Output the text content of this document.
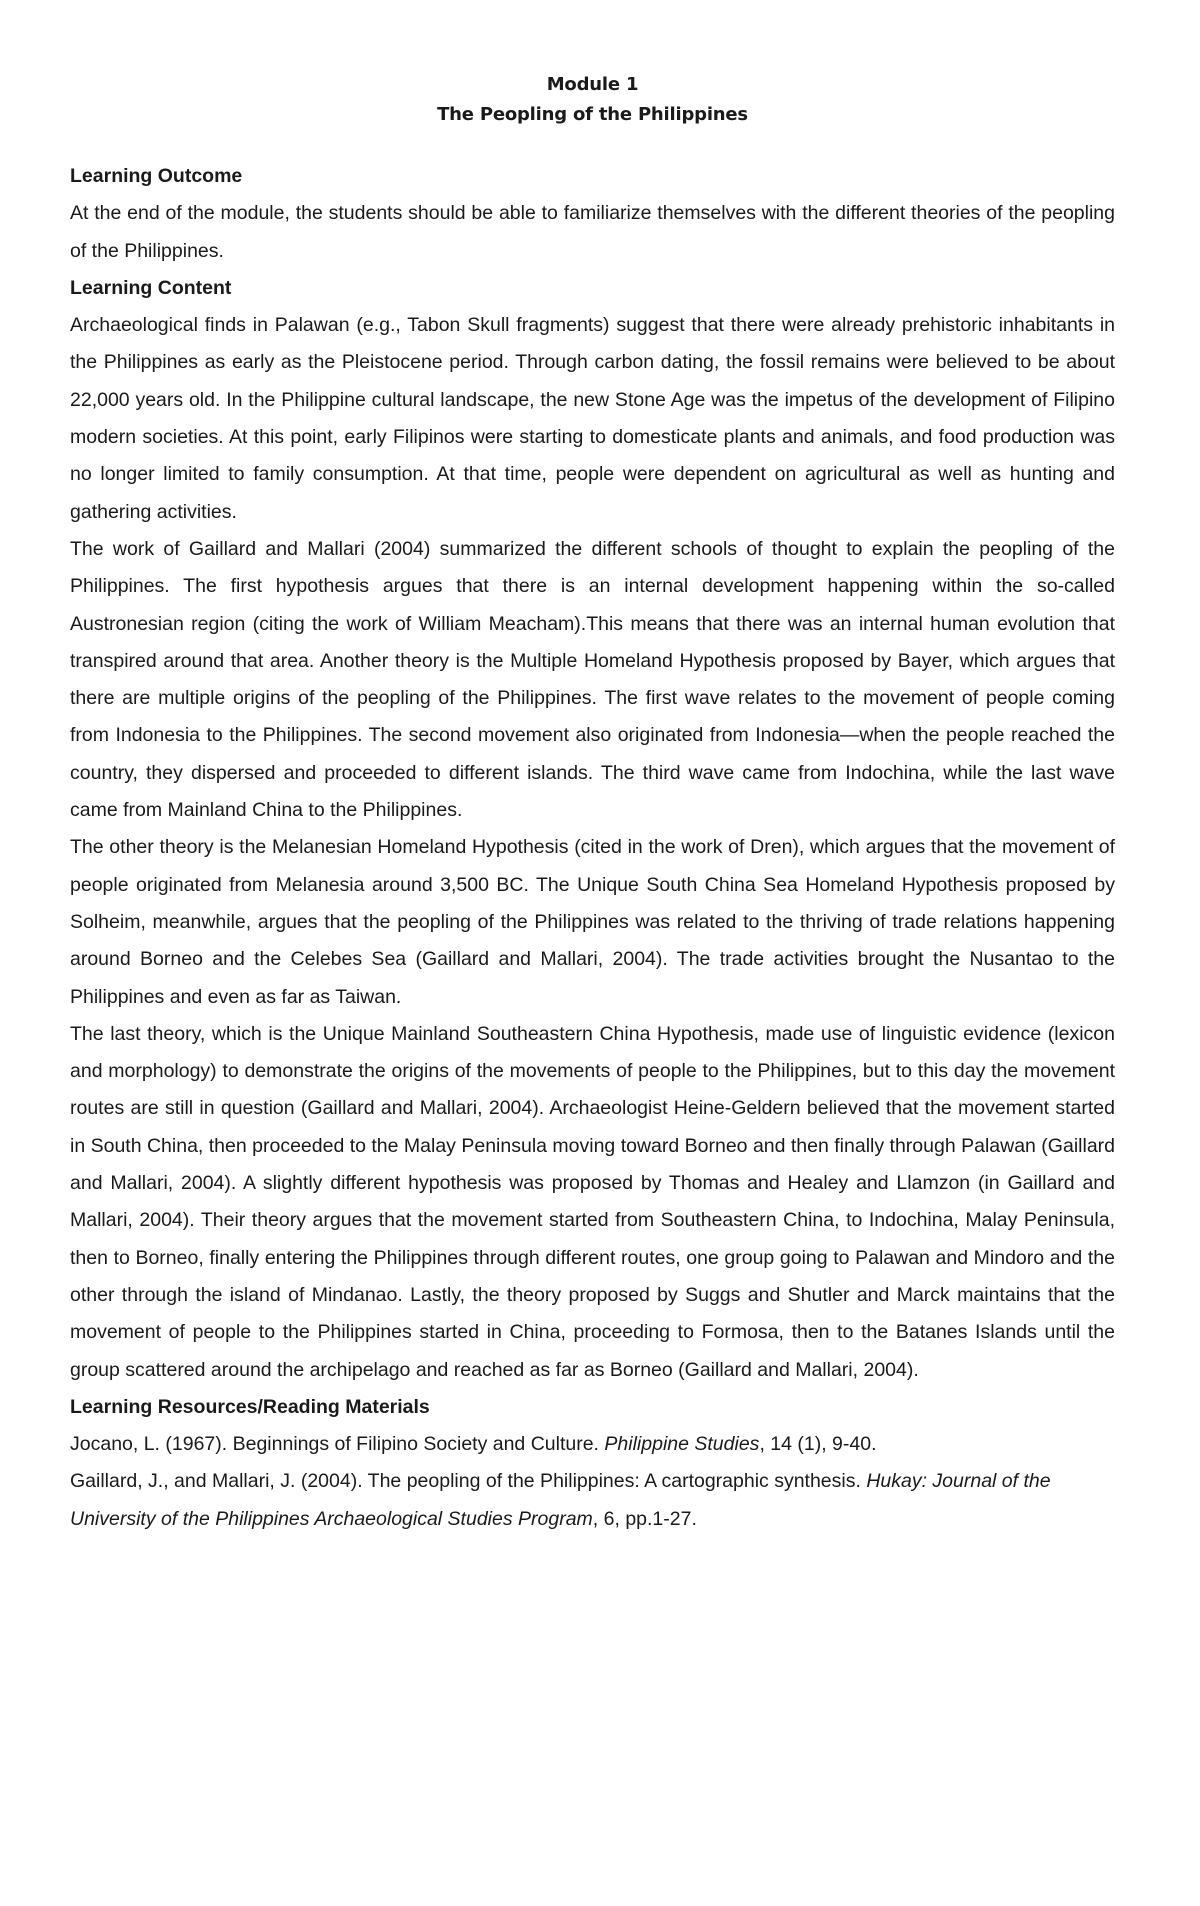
Module 1
The Peopling of the Philippines
Learning Outcome

At the end of the module, the students should be able to familiarize themselves with the different theories of the peopling of the Philippines.

Learning Content

Archaeological finds in Palawan (e.g., Tabon Skull fragments) suggest that there were already prehistoric inhabitants in the Philippines as early as the Pleistocene period. Through carbon dating, the fossil remains were believed to be about 22,000 years old. In the Philippine cultural landscape, the new Stone Age was the impetus of the development of Filipino modern societies. At this point, early Filipinos were starting to domesticate plants and animals, and food production was no longer limited to family consumption. At that time, people were dependent on agricultural as well as hunting and gathering activities.

The work of Gaillard and Mallari (2004) summarized the different schools of thought to explain the peopling of the Philippines. The first hypothesis argues that there is an internal development happening within the so-called Austronesian region (citing the work of William Meacham).This means that there was an internal human evolution that transpired around that area. Another theory is the Multiple Homeland Hypothesis proposed by Bayer, which argues that there are multiple origins of the peopling of the Philippines. The first wave relates to the movement of people coming from Indonesia to the Philippines. The second movement also originated from Indonesia—when the people reached the country, they dispersed and proceeded to different islands. The third wave came from Indochina, while the last wave came from Mainland China to the Philippines.

The other theory is the Melanesian Homeland Hypothesis (cited in the work of Dren), which argues that the movement of people originated from Melanesia around 3,500 BC. The Unique South China Sea Homeland Hypothesis proposed by Solheim, meanwhile, argues that the peopling of the Philippines was related to the thriving of trade relations happening around Borneo and the Celebes Sea (Gaillard and Mallari, 2004). The trade activities brought the Nusantao to the Philippines and even as far as Taiwan.

The last theory, which is the Unique Mainland Southeastern China Hypothesis, made use of linguistic evidence (lexicon and morphology) to demonstrate the origins of the movements of people to the Philippines, but to this day the movement routes are still in question (Gaillard and Mallari, 2004). Archaeologist Heine-Geldern believed that the movement started in South China, then proceeded to the Malay Peninsula moving toward Borneo and then finally through Palawan (Gaillard and Mallari, 2004). A slightly different hypothesis was proposed by Thomas and Healey and Llamzon (in Gaillard and Mallari, 2004). Their theory argues that the movement started from Southeastern China, to Indochina, Malay Peninsula, then to Borneo, finally entering the Philippines through different routes, one group going to Palawan and Mindoro and the other through the island of Mindanao. Lastly, the theory proposed by Suggs and Shutler and Marck maintains that the movement of people to the Philippines started in China, proceeding to Formosa, then to the Batanes Islands until the group scattered around the archipelago and reached as far as Borneo (Gaillard and Mallari, 2004).

Learning Resources/Reading Materials

Jocano, L. (1967). Beginnings of Filipino Society and Culture. Philippine Studies, 14 (1), 9-40.

Gaillard, J., and Mallari, J. (2004). The peopling of the Philippines: A cartographic synthesis. Hukay: Journal of the University of the Philippines Archaeological Studies Program, 6, pp.1-27.
